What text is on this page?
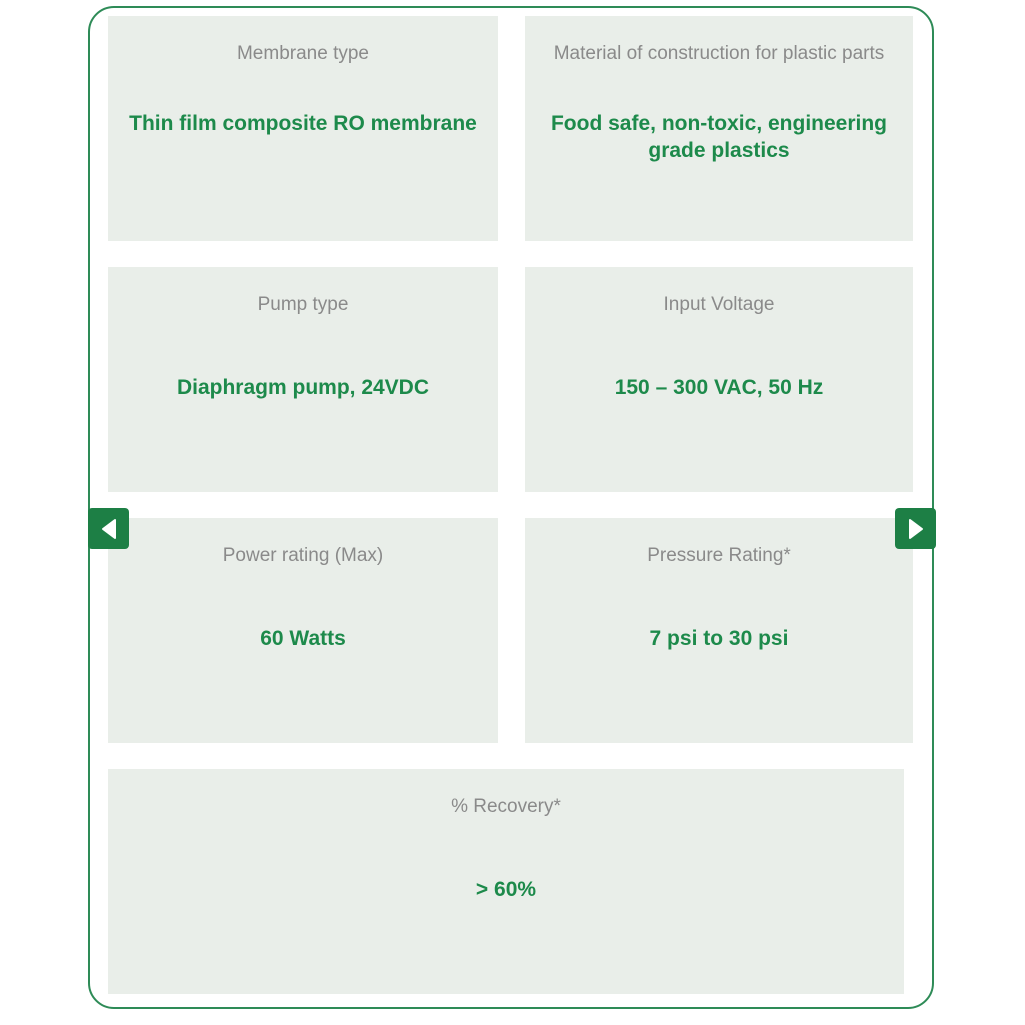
Membrane type
Thin film composite RO membrane
Material of construction for plastic parts
Food safe, non-toxic, engineering grade plastics
Pump type
Diaphragm pump, 24VDC
Input Voltage
150 – 300 VAC, 50 Hz
Power rating (Max)
60 Watts
Pressure Rating*
7 psi to 30 psi
% Recovery*
> 60%
